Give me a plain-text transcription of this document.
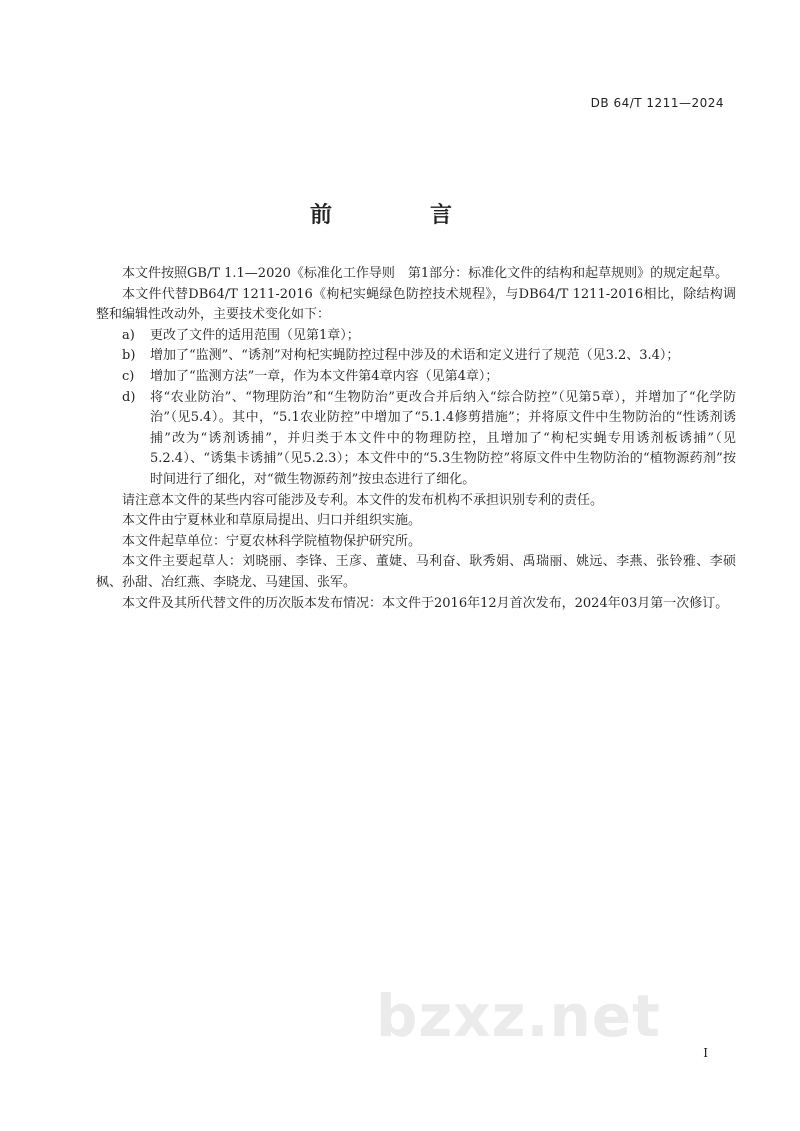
DB 64/T 1211—2024
前　言

本文件按照GB/T 1.1—2020《标准化工作导则　第1部分：标准化文件的结构和起草规则》的规定起草。

本文件代替DB64/T 1211-2016《枸杞实蝇绿色防控技术规程》，与DB64/T 1211-2016相比，除结构调整和编辑性改动外，主要技术变化如下：

a)	更改了文件的适用范围（见第1章）；
b)	增加了“监测”、“诱剂”对枸杞实蝇防控过程中涉及的术语和定义进行了规范（见3.2、3.4）；
c)	增加了“监测方法”一章，作为本文件第4章内容（见第4章）；
d)	将“农业防治”、“物理防治”和“生物防治”更改合并后纳入“综合防控”（见第5章），并增加了“化学防治”（见5.4）。其中，“5.1农业防控”中增加了“5.1.4修剪措施”；并将原文件中生物防治的“性诱剂诱捕”改为“诱剂诱捕”，并归类于本文件中的物理防控，且增加了“枸杞实蝇专用诱剂板诱捕”（见5.2.4）、“诱集卡诱捕”（见5.2.3）；本文件中的“5.3生物防控”将原文件中生物防治的“植物源药剂”按时间进行了细化，对“微生物源药剂”按虫态进行了细化。

请注意本文件的某些内容可能涉及专利。本文件的发布机构不承担识别专利的责任。

本文件由宁夏林业和草原局提出、归口并组织实施。

本文件起草单位：宁夏农林科学院植物保护研究所。

本文件主要起草人：刘晓丽、李锋、王彦、董婕、马利奋、耿秀娟、禹瑞丽、姚远、李燕、张铃雅、李硕枫、孙甜、冶红燕、李晓龙、马建国、张军。

本文件及其所代替文件的历次版本发布情况：本文件于2016年12月首次发布，2024年03月第一次修订。

bzxz.net
I
